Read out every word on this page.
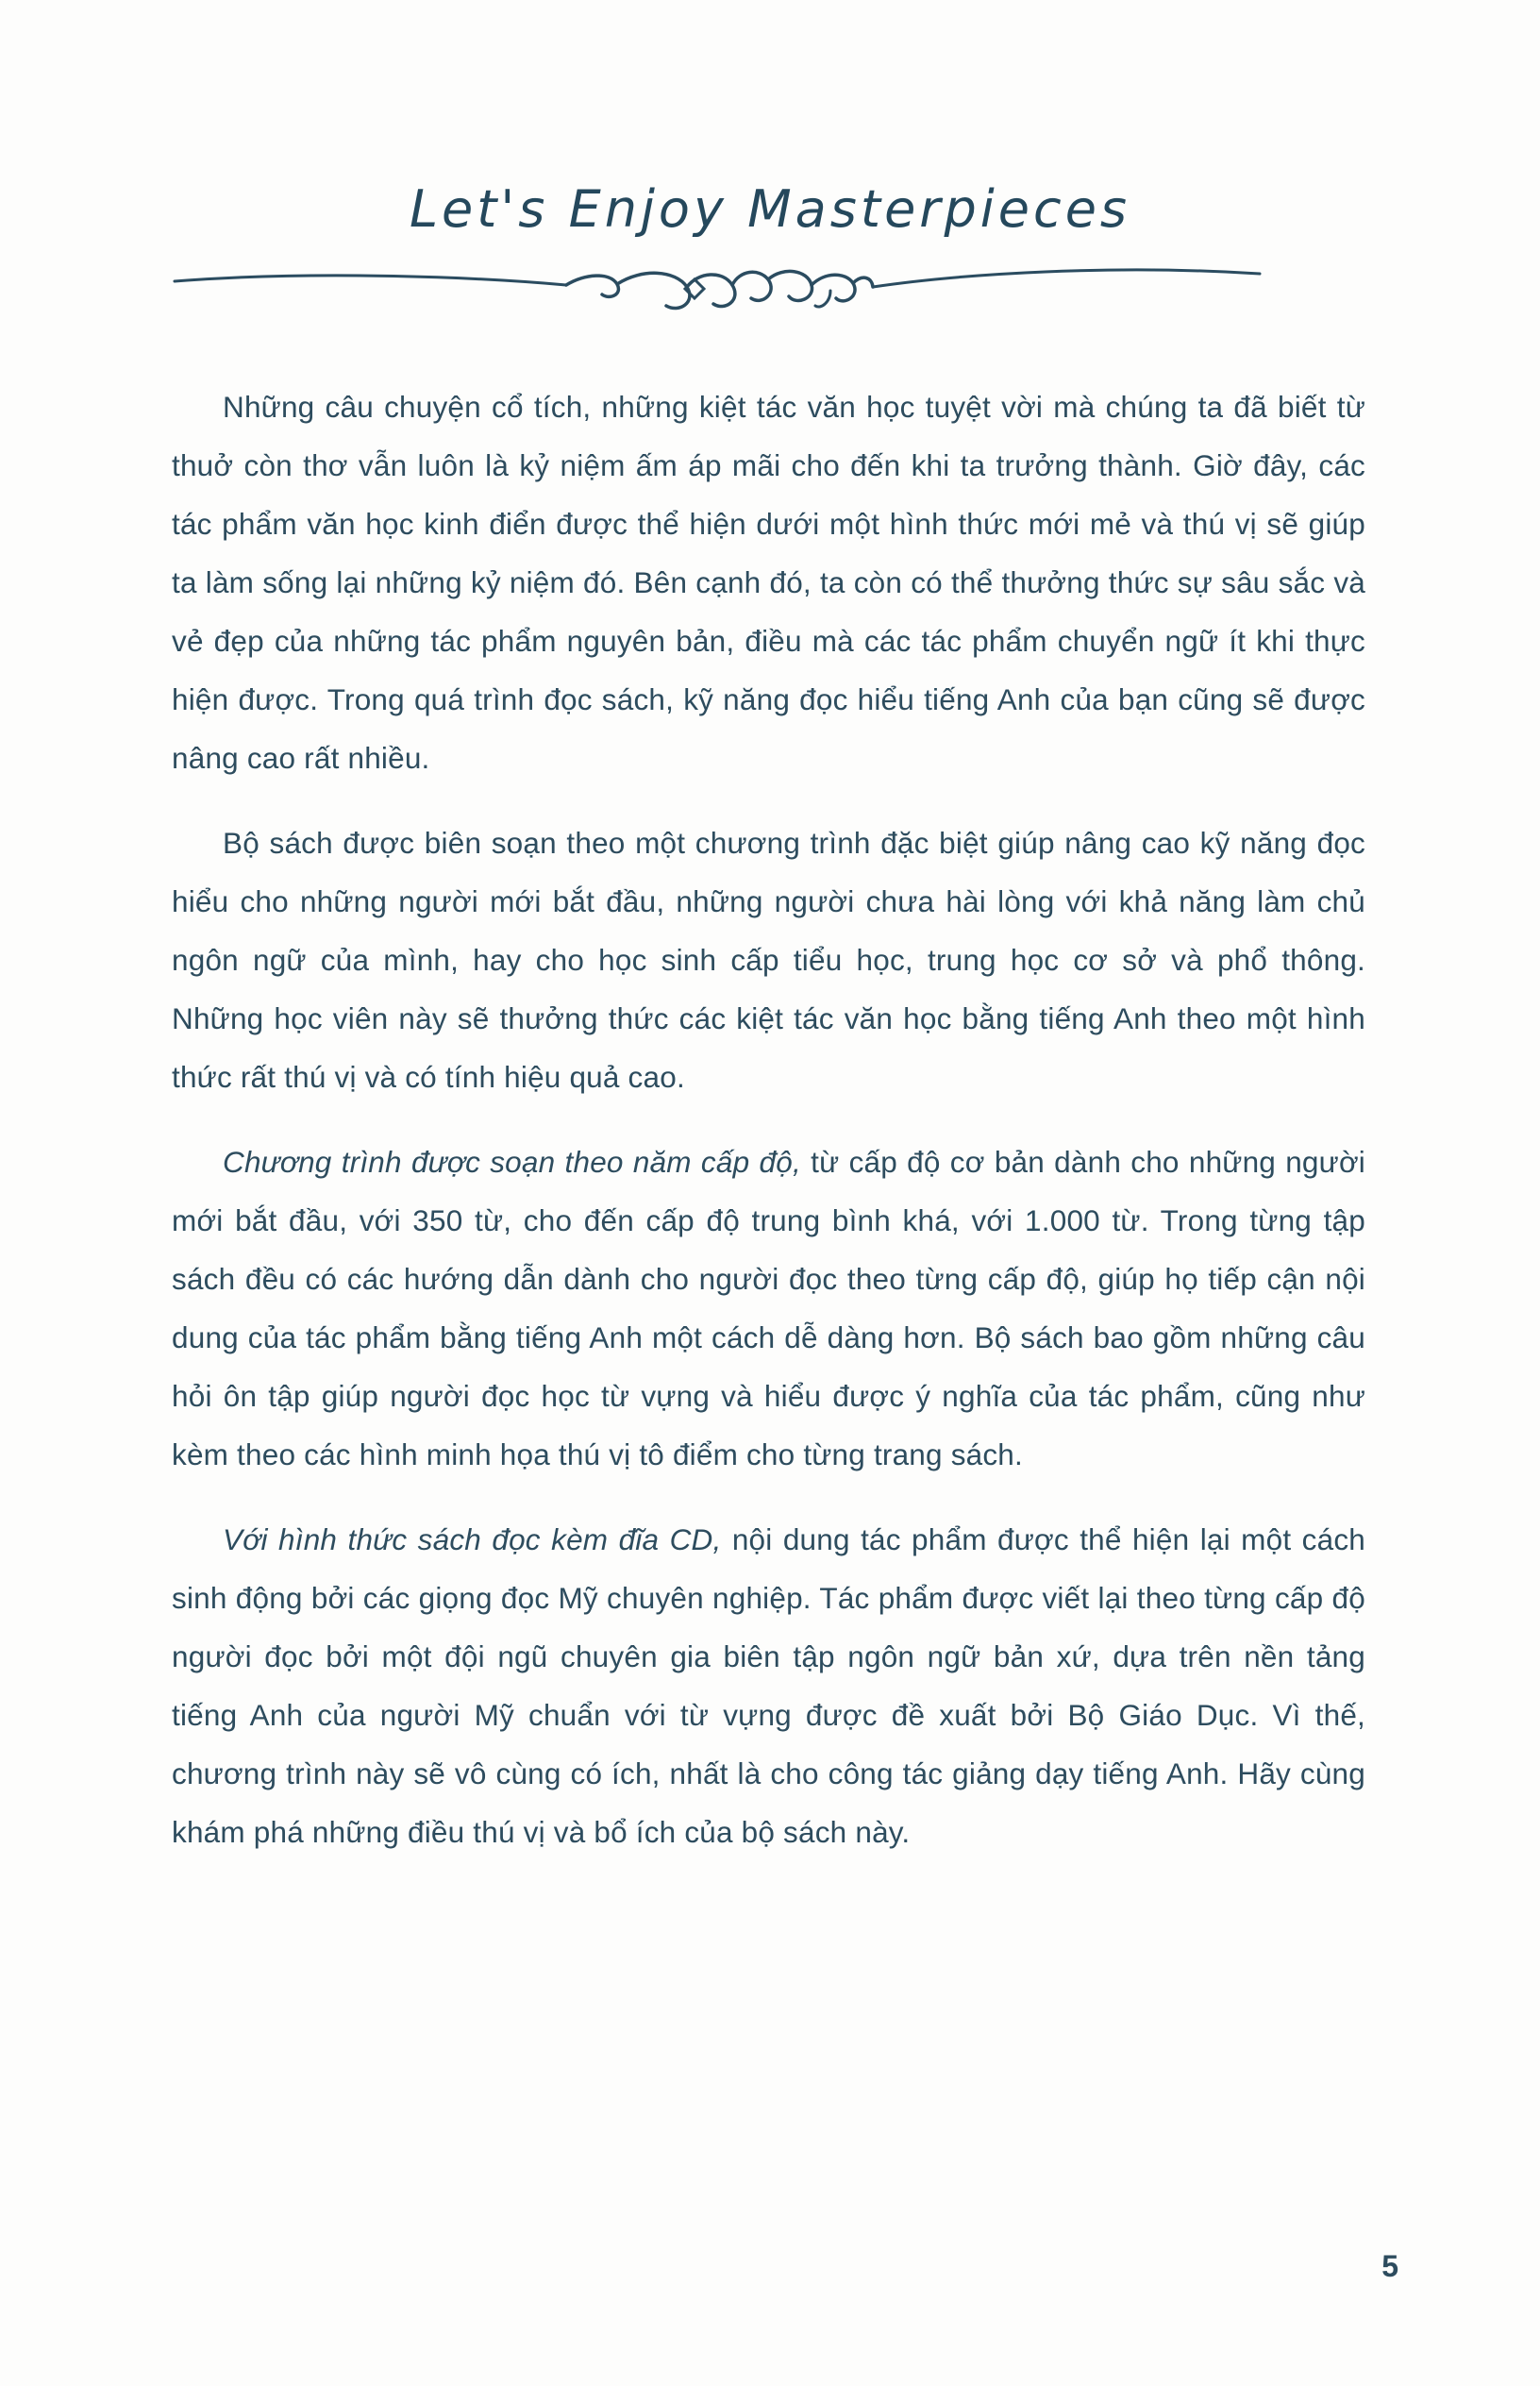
Let's Enjoy Masterpieces

Những câu chuyện cổ tích, những kiệt tác văn học tuyệt vời mà chúng ta đã biết từ thuở còn thơ vẫn luôn là kỷ niệm ấm áp mãi cho đến khi ta trưởng thành. Giờ đây, các tác phẩm văn học kinh điển được thể hiện dưới một hình thức mới mẻ và thú vị sẽ giúp ta làm sống lại những kỷ niệm đó. Bên cạnh đó, ta còn có thể thưởng thức sự sâu sắc và vẻ đẹp của những tác phẩm nguyên bản, điều mà các tác phẩm chuyển ngữ ít khi thực hiện được. Trong quá trình đọc sách, kỹ năng đọc hiểu tiếng Anh của bạn cũng sẽ được nâng cao rất nhiều.

Bộ sách được biên soạn theo một chương trình đặc biệt giúp nâng cao kỹ năng đọc hiểu cho những người mới bắt đầu, những người chưa hài lòng với khả năng làm chủ ngôn ngữ của mình, hay cho học sinh cấp tiểu học, trung học cơ sở và phổ thông. Những học viên này sẽ thưởng thức các kiệt tác văn học bằng tiếng Anh theo một hình thức rất thú vị và có tính hiệu quả cao.

Chương trình được soạn theo năm cấp độ, từ cấp độ cơ bản dành cho những người mới bắt đầu, với 350 từ, cho đến cấp độ trung bình khá, với 1.000 từ. Trong từng tập sách đều có các hướng dẫn dành cho người đọc theo từng cấp độ, giúp họ tiếp cận nội dung của tác phẩm bằng tiếng Anh một cách dễ dàng hơn. Bộ sách bao gồm những câu hỏi ôn tập giúp người đọc học từ vựng và hiểu được ý nghĩa của tác phẩm, cũng như kèm theo các hình minh họa thú vị tô điểm cho từng trang sách.

Với hình thức sách đọc kèm đĩa CD, nội dung tác phẩm được thể hiện lại một cách sinh động bởi các giọng đọc Mỹ chuyên nghiệp. Tác phẩm được viết lại theo từng cấp độ người đọc bởi một đội ngũ chuyên gia biên tập ngôn ngữ bản xứ, dựa trên nền tảng tiếng Anh của người Mỹ chuẩn với từ vựng được đề xuất bởi Bộ Giáo Dục. Vì thế, chương trình này sẽ vô cùng có ích, nhất là cho công tác giảng dạy tiếng Anh. Hãy cùng khám phá những điều thú vị và bổ ích của bộ sách này.

5
